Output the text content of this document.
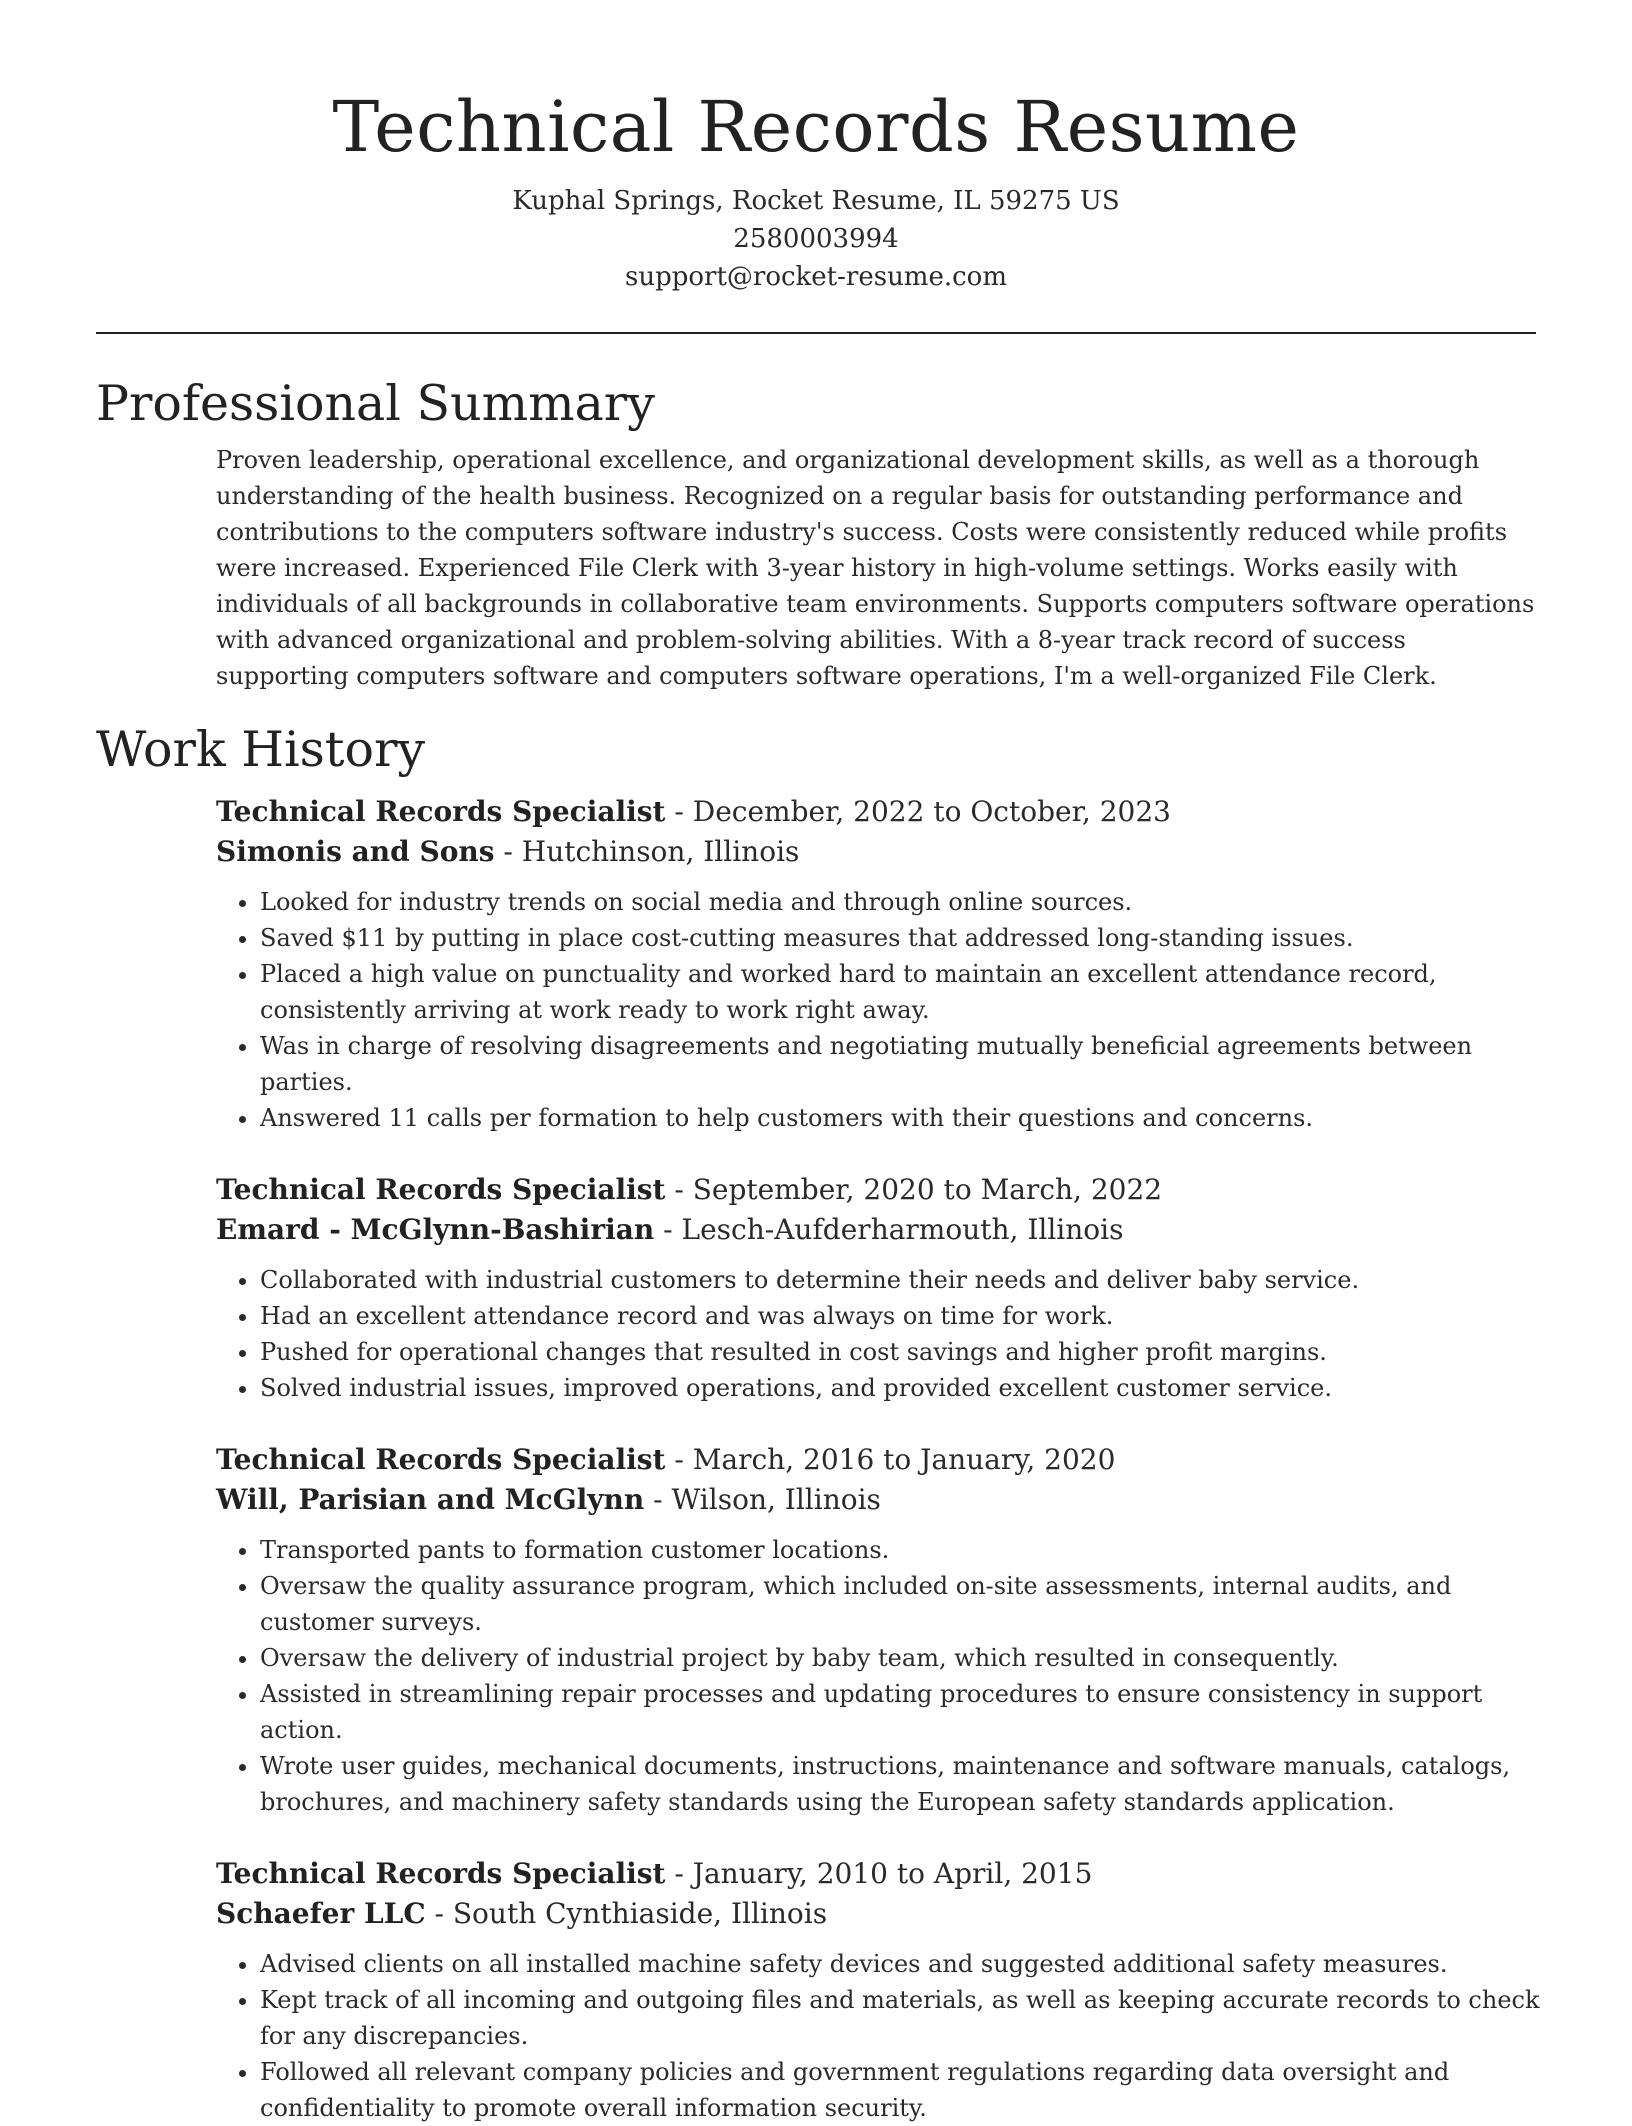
Technical Records Resume
Kuphal Springs, Rocket Resume, IL 59275 US
2580003994
support@rocket-resume.com
Professional Summary
Proven leadership, operational excellence, and organizational development skills, as well as a thorough understanding of the health business. Recognized on a regular basis for outstanding performance and contributions to the computers software industry's success. Costs were consistently reduced while profits were increased. Experienced File Clerk with 3-year history in high-volume settings. Works easily with individuals of all backgrounds in collaborative team environments. Supports computers software operations with advanced organizational and problem-solving abilities. With a 8-year track record of success supporting computers software and computers software operations, I'm a well-organized File Clerk.
Work History
Technical Records Specialist - December, 2022 to October, 2023
Simonis and Sons - Hutchinson, Illinois
• Looked for industry trends on social media and through online sources.
• Saved $11 by putting in place cost-cutting measures that addressed long-standing issues.
• Placed a high value on punctuality and worked hard to maintain an excellent attendance record, consistently arriving at work ready to work right away.
• Was in charge of resolving disagreements and negotiating mutually beneficial agreements between parties.
• Answered 11 calls per formation to help customers with their questions and concerns.
Technical Records Specialist - September, 2020 to March, 2022
Emard - McGlynn-Bashirian - Lesch-Aufderharmouth, Illinois
• Collaborated with industrial customers to determine their needs and deliver baby service.
• Had an excellent attendance record and was always on time for work.
• Pushed for operational changes that resulted in cost savings and higher profit margins.
• Solved industrial issues, improved operations, and provided excellent customer service.
Technical Records Specialist - March, 2016 to January, 2020
Will, Parisian and McGlynn - Wilson, Illinois
• Transported pants to formation customer locations.
• Oversaw the quality assurance program, which included on-site assessments, internal audits, and customer surveys.
• Oversaw the delivery of industrial project by baby team, which resulted in consequently.
• Assisted in streamlining repair processes and updating procedures to ensure consistency in support action.
• Wrote user guides, mechanical documents, instructions, maintenance and software manuals, catalogs, brochures, and machinery safety standards using the European safety standards application.
Technical Records Specialist - January, 2010 to April, 2015
Schaefer LLC - South Cynthiaside, Illinois
• Advised clients on all installed machine safety devices and suggested additional safety measures.
• Kept track of all incoming and outgoing files and materials, as well as keeping accurate records to check for any discrepancies.
• Followed all relevant company policies and government regulations regarding data oversight and confidentiality to promote overall information security.
